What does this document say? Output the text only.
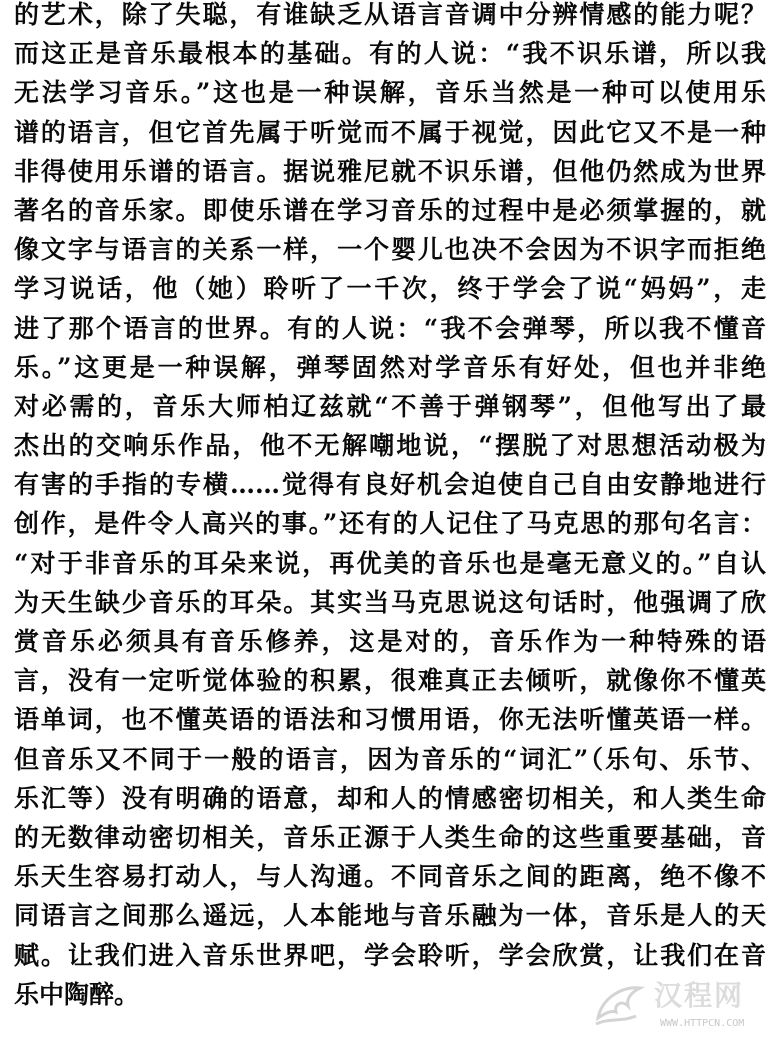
的艺术，除了失聪，有谁缺乏从语言音调中分辨情感的能力呢？
而这正是音乐最根本的基础。有的人说：“我不识乐谱，所以我
无法学习音乐。”这也是一种误解，音乐当然是一种可以使用乐
谱的语言，但它首先属于听觉而不属于视觉，因此它又不是一种
非得使用乐谱的语言。据说雅尼就不识乐谱，但他仍然成为世界
著名的音乐家。即使乐谱在学习音乐的过程中是必须掌握的，就
像文字与语言的关系一样，一个婴儿也决不会因为不识字而拒绝
学习说话，他（她）聆听了一千次，终于学会了说“妈妈”，走
进了那个语言的世界。有的人说：“我不会弹琴，所以我不懂音
乐。”这更是一种误解，弹琴固然对学音乐有好处，但也并非绝
对必需的，音乐大师柏辽兹就“不善于弹钢琴”，但他写出了最
杰出的交响乐作品，他不无解嘲地说，“摆脱了对思想活动极为
有害的手指的专横……觉得有良好机会迫使自己自由安静地进行
创作，是件令人高兴的事。”还有的人记住了马克思的那句名言：
“对于非音乐的耳朵来说，再优美的音乐也是毫无意义的。”自认
为天生缺少音乐的耳朵。其实当马克思说这句话时，他强调了欣
赏音乐必须具有音乐修养，这是对的，音乐作为一种特殊的语
言，没有一定听觉体验的积累，很难真正去倾听，就像你不懂英
语单词，也不懂英语的语法和习惯用语，你无法听懂英语一样。
但音乐又不同于一般的语言，因为音乐的“词汇”（乐句、乐节、
乐汇等）没有明确的语意，却和人的情感密切相关，和人类生命
的无数律动密切相关，音乐正源于人类生命的这些重要基础，音
乐天生容易打动人，与人沟通。不同音乐之间的距离，绝不像不
同语言之间那么遥远，人本能地与音乐融为一体，音乐是人的天
赋。让我们进入音乐世界吧，学会聆听，学会欣赏，让我们在音
乐中陶醉。	汉程网
WWW.HTTPCN.COM
